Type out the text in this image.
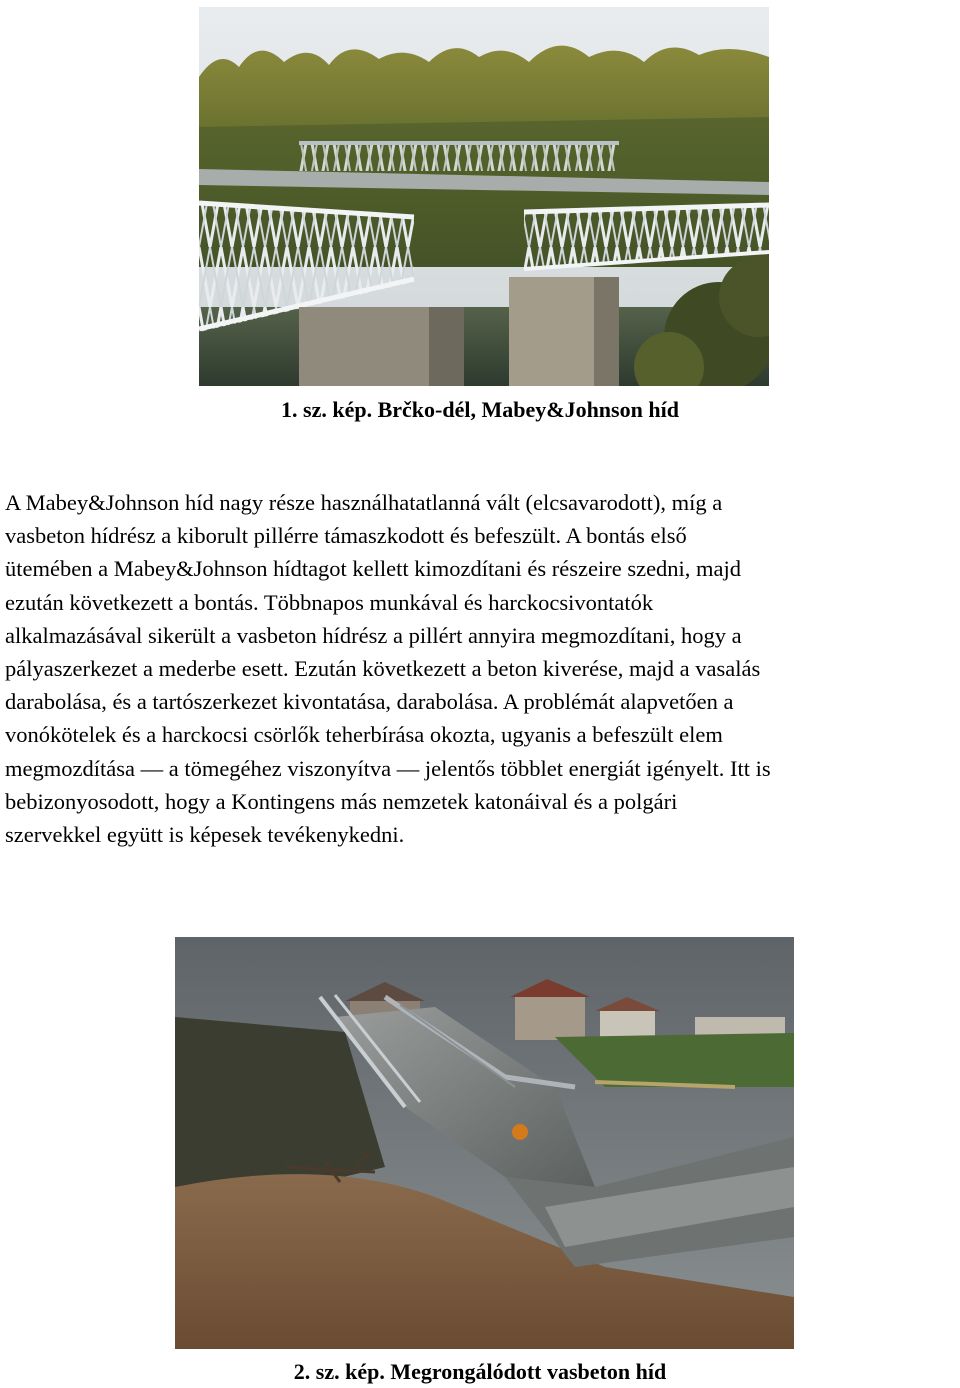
1. sz. kép. Brčko-dél, Mabey&Johnson híd
A Mabey&Johnson híd nagy része használhatatlanná vált (elcsavarodott), míg a
vasbeton hídrész a kiborult pillérre támaszkodott és befeszült. A bontás első
ütemében a Mabey&Johnson hídtagot kellett kimozdítani és részeire szedni, majd
ezután következett a bontás. Többnapos munkával és harckocsivontatók
alkalmazásával sikerült a vasbeton hídrész a pillért annyira megmozdítani, hogy a
pályaszerkezet a mederbe esett. Ezután következett a beton kiverése, majd a vasalás
darabolása, és a tartószerkezet kivontatása, darabolása. A problémát alapvetően a
vonókötelek és a harckocsi csörlők teherbírása okozta, ugyanis a befeszült elem
megmozdítása — a tömegéhez viszonyítva — jelentős többlet energiát igényelt. Itt is
bebizonyosodott, hogy a Kontingens más nemzetek katonáival és a polgári
szervekkel együtt is képesek tevékenykedni.
2. sz. kép. Megrongálódott vasbeton híd
